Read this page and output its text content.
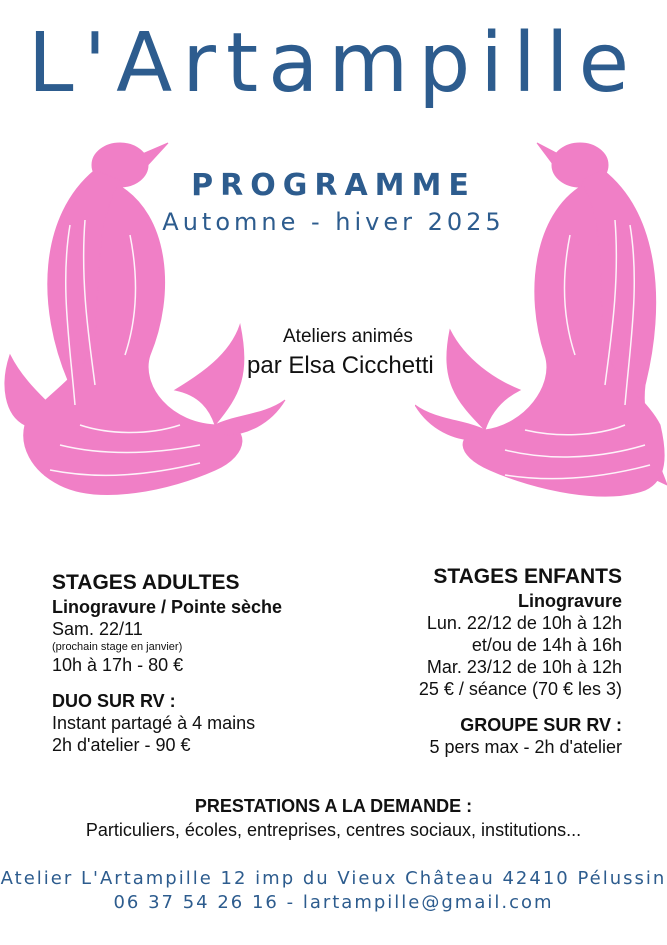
L'Artampille
PROGRAMME
Automne - hiver 2025
Ateliers animés
par Elsa Cicchetti
STAGES ADULTES
Linogravure / Pointe sèche
Sam. 22/11
(prochain stage en janvier)
10h à 17h - 80 €
DUO SUR RV :
Instant partagé à 4 mains
2h d'atelier - 90 €
STAGES ENFANTS
Linogravure
Lun. 22/12 de 10h à 12h
et/ou de 14h à 16h
Mar. 23/12 de 10h à 12h
25 € / séance (70 € les 3)
GROUPE SUR RV :
5 pers max - 2h d'atelier
PRESTATIONS A LA DEMANDE :
Particuliers, écoles, entreprises, centres sociaux, institutions...
Atelier L'Artampille 12 imp du Vieux Château 42410 Pélussin
06 37 54 26 16 - lartampille@gmail.com
